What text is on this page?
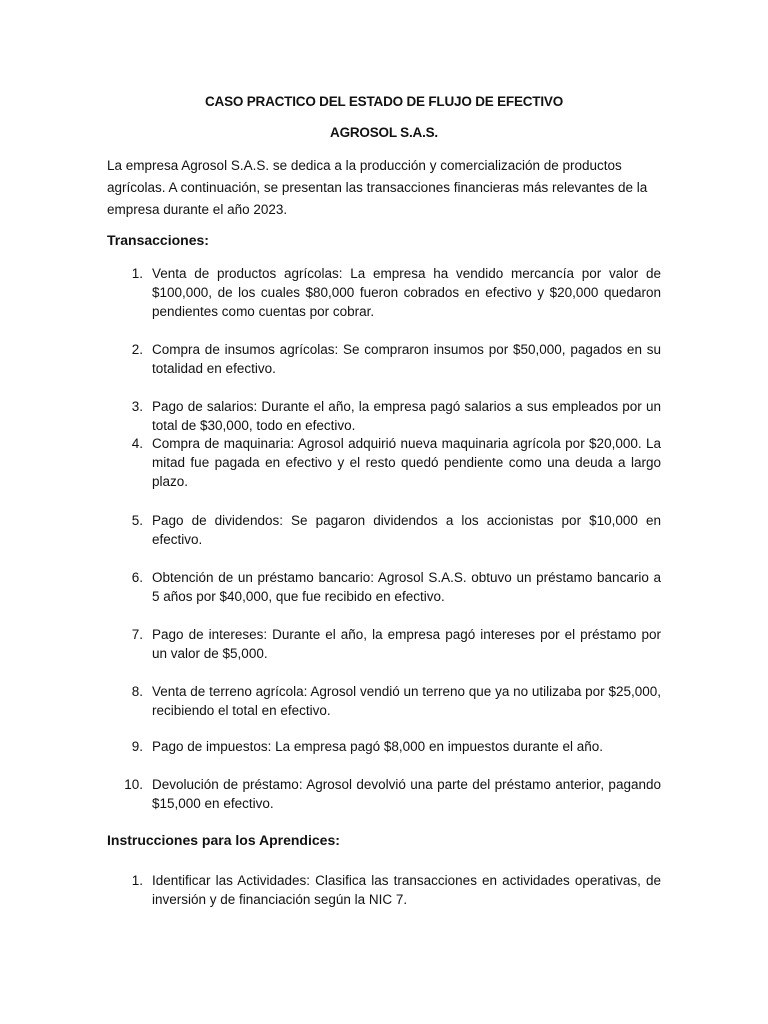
CASO PRACTICO DEL ESTADO DE FLUJO DE EFECTIVO
AGROSOL S.A.S.
La empresa Agrosol S.A.S. se dedica a la producción y comercialización de productos agrícolas. A continuación, se presentan las transacciones financieras más relevantes de la empresa durante el año 2023.
Transacciones:
1. Venta de productos agrícolas: La empresa ha vendido mercancía por valor de $100,000, de los cuales $80,000 fueron cobrados en efectivo y $20,000 quedaron pendientes como cuentas por cobrar.
2. Compra de insumos agrícolas: Se compraron insumos por $50,000, pagados en su totalidad en efectivo.
3. Pago de salarios: Durante el año, la empresa pagó salarios a sus empleados por un total de $30,000, todo en efectivo.
4. Compra de maquinaria: Agrosol adquirió nueva maquinaria agrícola por $20,000. La mitad fue pagada en efectivo y el resto quedó pendiente como una deuda a largo plazo.
5. Pago de dividendos: Se pagaron dividendos a los accionistas por $10,000 en efectivo.
6. Obtención de un préstamo bancario: Agrosol S.A.S. obtuvo un préstamo bancario a 5 años por $40,000, que fue recibido en efectivo.
7. Pago de intereses: Durante el año, la empresa pagó intereses por el préstamo por un valor de $5,000.
8. Venta de terreno agrícola: Agrosol vendió un terreno que ya no utilizaba por $25,000, recibiendo el total en efectivo.
9. Pago de impuestos: La empresa pagó $8,000 en impuestos durante el año.
10. Devolución de préstamo: Agrosol devolvió una parte del préstamo anterior, pagando $15,000 en efectivo.
Instrucciones para los Aprendices:
1. Identificar las Actividades: Clasifica las transacciones en actividades operativas, de inversión y de financiación según la NIC 7.
